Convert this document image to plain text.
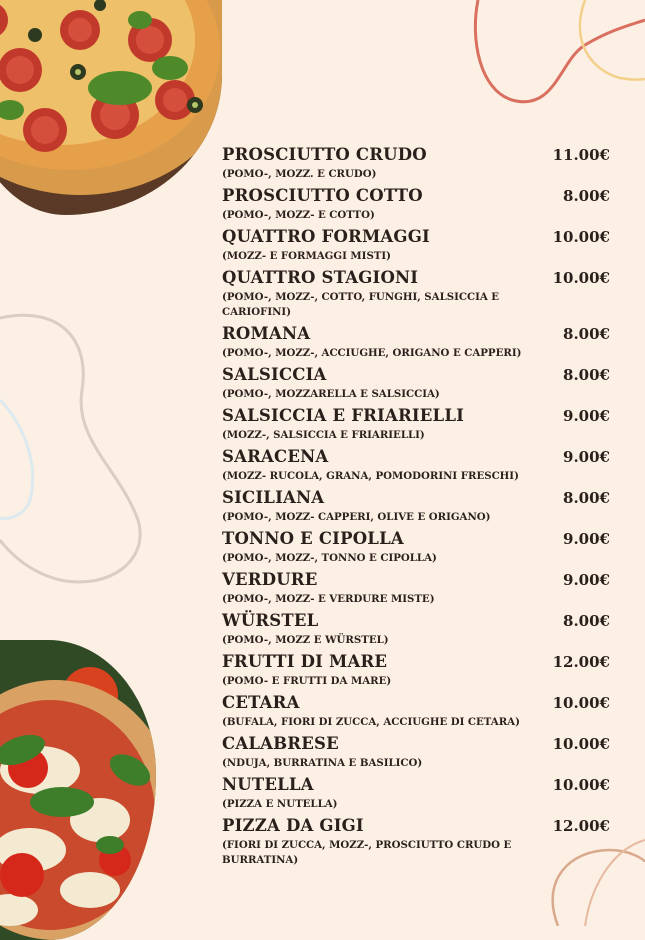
PROSCIUTTO CRUDO	11.00€
(POMO-, MOZZ. E CRUDO)
PROSCIUTTO COTTO	8.00€
(POMO-, MOZZ- E COTTO)
QUATTRO FORMAGGI	10.00€
(MOZZ- E FORMAGGI MISTI)
QUATTRO STAGIONI	10.00€
(POMO-, MOZZ-, COTTO, FUNGHI, SALSICCIA E CARIOFINI)
ROMANA	8.00€
(POMO-, MOZZ-, ACCIUGHE, ORIGANO E CAPPERI)
SALSICCIA	8.00€
(POMO-, MOZZARELLA E SALSICCIA)
SALSICCIA E FRIARIELLI	9.00€
(MOZZ-, SALSICCIA E FRIARIELLI)
SARACENA	9.00€
(MOZZ- RUCOLA, GRANA, POMODORINI FRESCHI)
SICILIANA	8.00€
(POMO-, MOZZ- CAPPERI, OLIVE E ORIGANO)
TONNO E CIPOLLA	9.00€
(POMO-, MOZZ-, TONNO E CIPOLLA)
VERDURE	9.00€
(POMO-, MOZZ- E VERDURE MISTE)
WÜRSTEL	8.00€
(POMO-, MOZZ E WÜRSTEL)
FRUTTI DI MARE	12.00€
(POMO- E FRUTTI DA MARE)
CETARA	10.00€
(BUFALA, FIORI DI ZUCCA, ACCIUGHE DI CETARA)
CALABRESE	10.00€
(NDUJA, BURRATINA E BASILICO)
NUTELLA	10.00€
(PIZZA E NUTELLA)
PIZZA DA GIGI	12.00€
(FIORI DI ZUCCA, MOZZ-, PROSCIUTTO CRUDO E BURRATINA)
